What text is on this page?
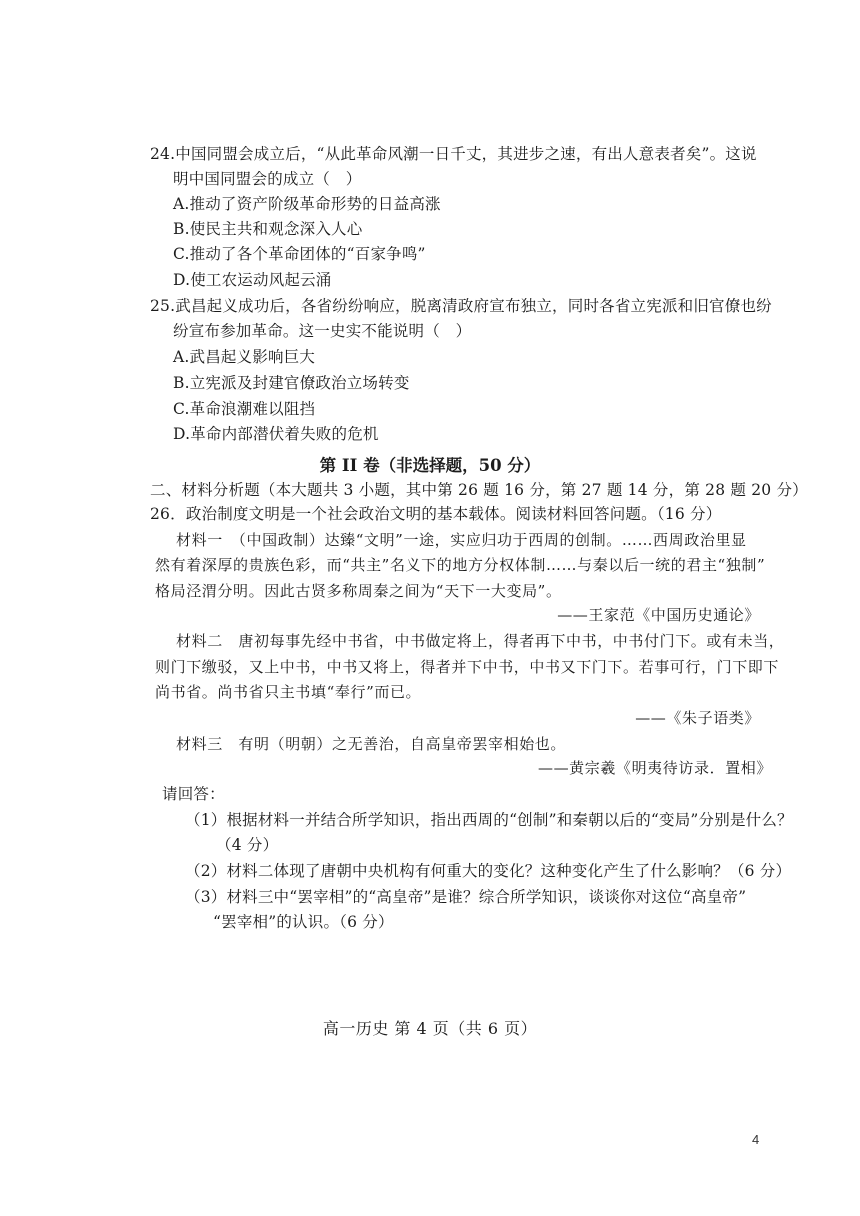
24.中国同盟会成立后，“从此革命风潮一日千丈，其进步之速，有出人意表者矣”。这说
明中国同盟会的成立（　）
A.推动了资产阶级革命形势的日益高涨
B.使民主共和观念深入人心
C.推动了各个革命团体的“百家争鸣”
D.使工农运动风起云涌
25.武昌起义成功后，各省纷纷响应，脱离清政府宣布独立，同时各省立宪派和旧官僚也纷
纷宣布参加革命。这一史实不能说明（　）
A.武昌起义影响巨大
B.立宪派及封建官僚政治立场转变
C.革命浪潮难以阻挡
D.革命内部潜伏着失败的危机
第 II 卷（非选择题，50 分）
二、材料分析题（本大题共 3 小题，其中第 26 题 16 分，第 27 题 14 分，第 28 题 20 分）
26．政治制度文明是一个社会政治文明的基本载体。阅读材料回答问题。（16 分）
材料一　（中国政制）达臻“文明”一途，实应归功于西周的创制。……西周政治里显
然有着深厚的贵族色彩，而“共主”名义下的地方分权体制……与秦以后一统的君主“独制”
格局泾渭分明。因此古贤多称周秦之间为“天下一大变局”。
——王家范《中国历史通论》
材料二　唐初每事先经中书省，中书做定将上，得者再下中书，中书付门下。或有未当，
则门下缴驳，又上中书，中书又将上，得者并下中书，中书又下门下。若事可行，门下即下
尚书省。尚书省只主书填“奉行”而已。
——《朱子语类》
材料三　有明（明朝）之无善治，自高皇帝罢宰相始也。
——黄宗羲《明夷待访录．置相》
请回答：
（1）根据材料一并结合所学知识，指出西周的“创制”和秦朝以后的“变局”分别是什么？
（4 分）
（2）材料二体现了唐朝中央机构有何重大的变化？这种变化产生了什么影响？（6 分）
（3）材料三中“罢宰相”的“高皇帝”是谁？综合所学知识，谈谈你对这位“高皇帝”
“罢宰相”的认识。（6 分）
高一历史 第 4 页（共 6 页）
4
